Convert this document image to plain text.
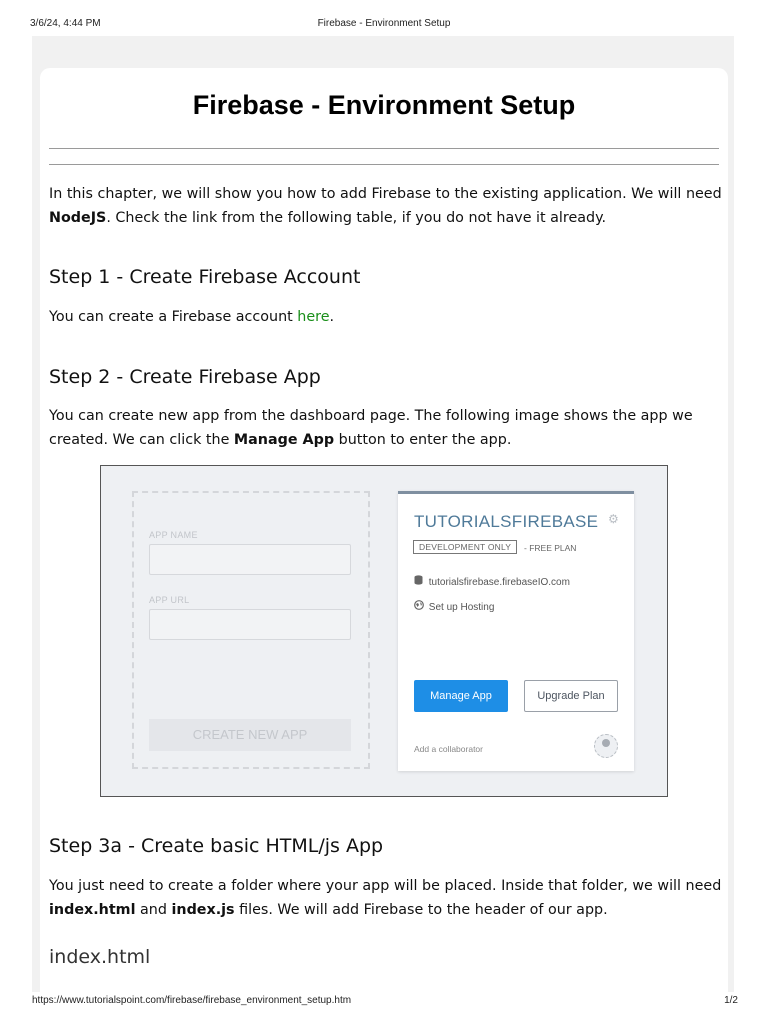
3/6/24, 4:44 PM	Firebase - Environment Setup
Firebase - Environment Setup

In this chapter, we will show you how to add Firebase to the existing application. We will need NodeJS. Check the link from the following table, if you do not have it already.

Step 1 - Create Firebase Account

You can create a Firebase account here.

Step 2 - Create Firebase App

You can create new app from the dashboard page. The following image shows the app we created. We can click the Manage App button to enter the app.

APP NAME
APP URL
CREATE NEW APP
TUTORIALSFIREBASE ⚙
DEVELOPMENT ONLY	- FREE PLAN
tutorialsfirebase.firebaseIO.com
Set up Hosting
Manage App	Upgrade Plan
Add a collaborator
Step 3a - Create basic HTML/js App

You just need to create a folder where your app will be placed. Inside that folder, we will need index.html and index.js files. We will add Firebase to the header of our app.

index.html
https://www.tutorialspoint.com/firebase/firebase_environment_setup.htm	1/2
